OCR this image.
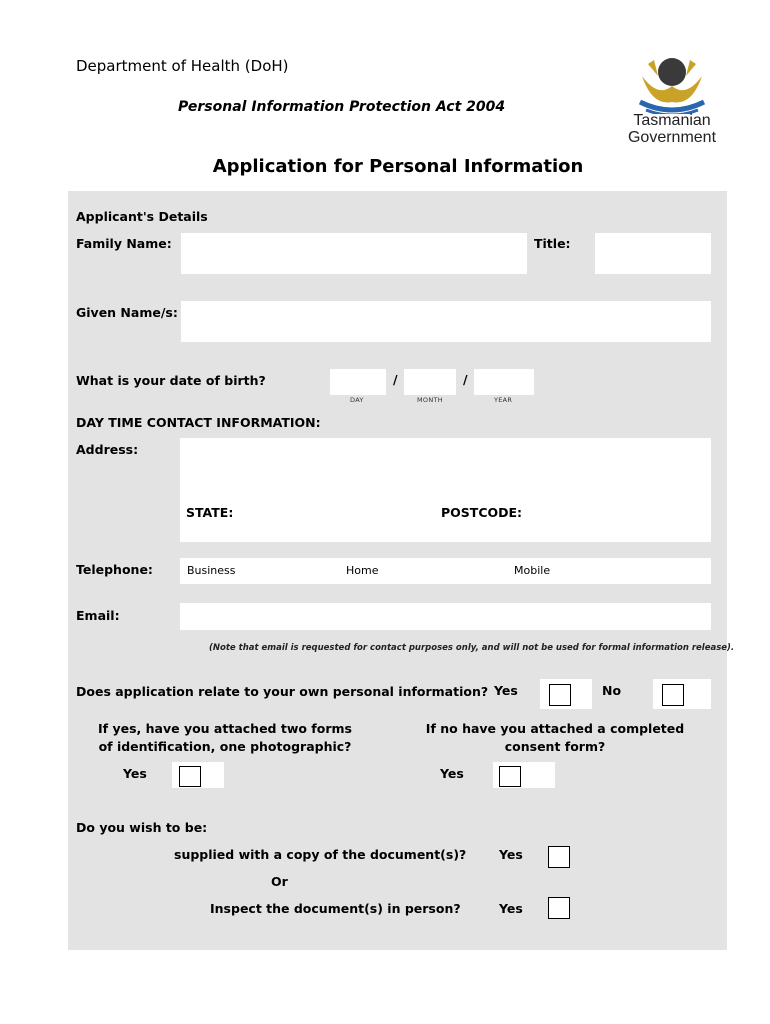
Department of Health (DoH)
Personal Information Protection Act 2004
Tasmanian
Government
Application for Personal Information
Applicant's Details
Family Name:	Title:
Given Name/s:
What is your date of birth?	/	/
DAY	MONTH	YEAR
DAY TIME CONTACT INFORMATION:
Address:
STATE:	POSTCODE:
Telephone:	Business	Home	Mobile
Email:
(Note that email is requested for contact purposes only, and will not be used for formal information release).
Does application relate to your own personal information? Yes	No
If yes, have you attached two forms of identification, one photographic?
If no have you attached a completed consent form?
Yes	Yes
Do you wish to be:
supplied with a copy of the document(s)?	Yes
Or
Inspect the document(s) in person?	Yes
